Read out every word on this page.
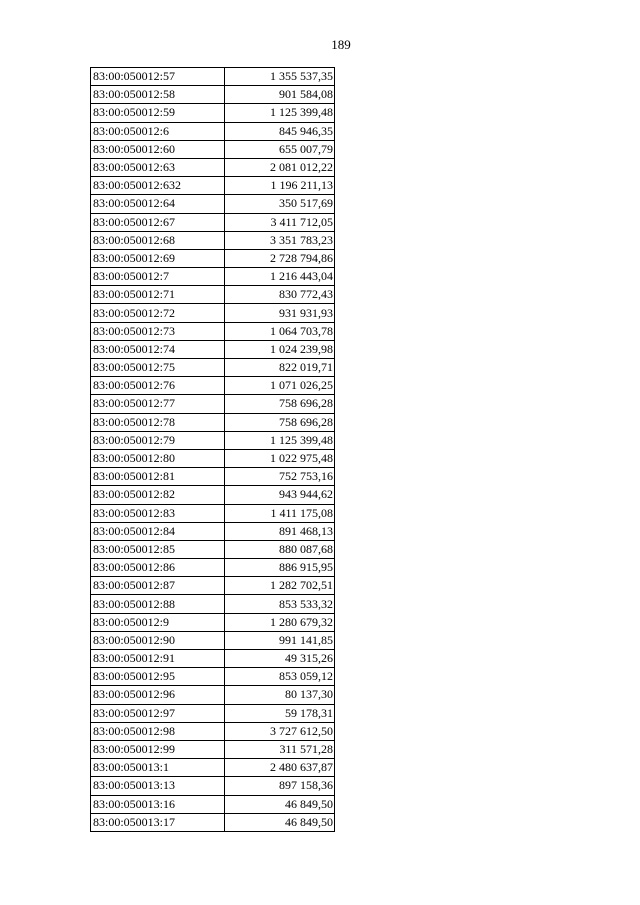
189
83:00:050012:57	1 355 537,35
83:00:050012:58	901 584,08
83:00:050012:59	1 125 399,48
83:00:050012:6	845 946,35
83:00:050012:60	655 007,79
83:00:050012:63	2 081 012,22
83:00:050012:632	1 196 211,13
83:00:050012:64	350 517,69
83:00:050012:67	3 411 712,05
83:00:050012:68	3 351 783,23
83:00:050012:69	2 728 794,86
83:00:050012:7	1 216 443,04
83:00:050012:71	830 772,43
83:00:050012:72	931 931,93
83:00:050012:73	1 064 703,78
83:00:050012:74	1 024 239,98
83:00:050012:75	822 019,71
83:00:050012:76	1 071 026,25
83:00:050012:77	758 696,28
83:00:050012:78	758 696,28
83:00:050012:79	1 125 399,48
83:00:050012:80	1 022 975,48
83:00:050012:81	752 753,16
83:00:050012:82	943 944,62
83:00:050012:83	1 411 175,08
83:00:050012:84	891 468,13
83:00:050012:85	880 087,68
83:00:050012:86	886 915,95
83:00:050012:87	1 282 702,51
83:00:050012:88	853 533,32
83:00:050012:9	1 280 679,32
83:00:050012:90	991 141,85
83:00:050012:91	49 315,26
83:00:050012:95	853 059,12
83:00:050012:96	80 137,30
83:00:050012:97	59 178,31
83:00:050012:98	3 727 612,50
83:00:050012:99	311 571,28
83:00:050013:1	2 480 637,87
83:00:050013:13	897 158,36
83:00:050013:16	46 849,50
83:00:050013:17	46 849,50
